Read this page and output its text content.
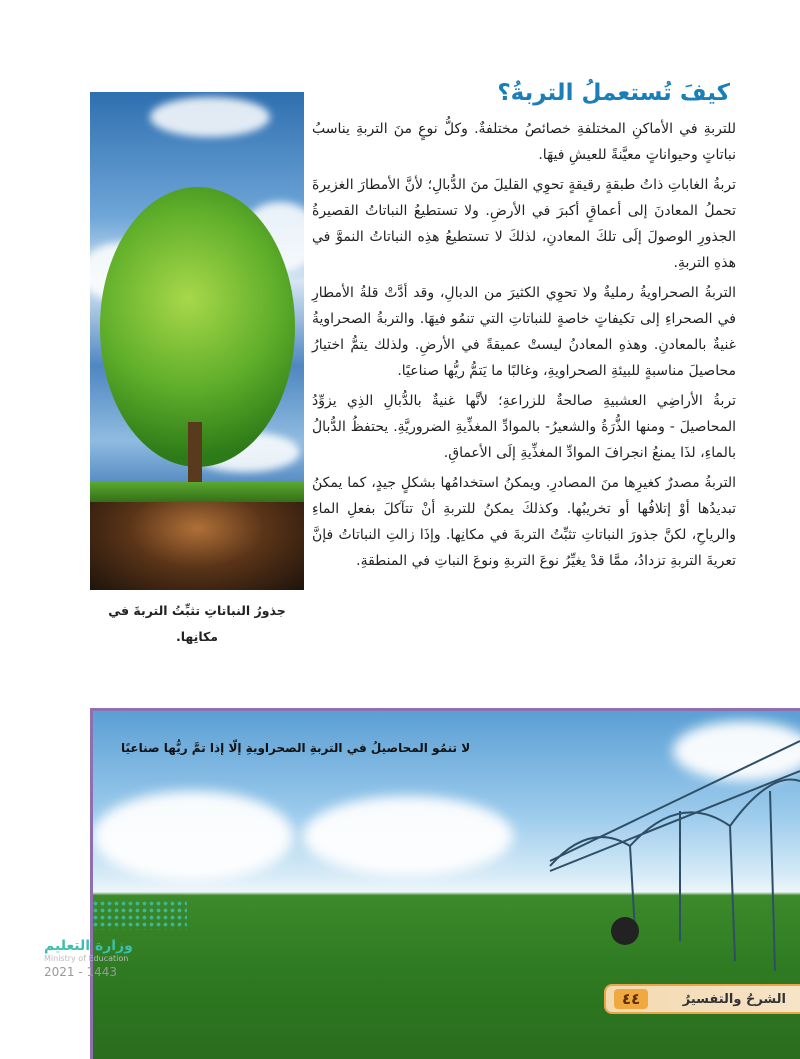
كيفَ تُستعملُ التربةُ؟

للتربةِ في الأماكنِ المختلفةِ خصائصُ مختلفةٌ. وكلُّ نوعٍ منَ التربةِ يناسبُ نباتاتٍ وحيواناتٍ معيَّنةً للعيشِ فيهَا.

تربةُ الغاباتِ ذاتُ طبقةٍ رقيقةٍ تحوِي القليلَ منَ الدُّبالِ؛ لأنَّ الأمطارَ الغزيرةَ تحملُ المعادنَ إلى أعماقٍ أكبرَ في الأرضِ. ولا تستطيعُ النباتاتُ القصيرةُ الجذورِ الوصولَ إلَى تلكَ المعادنِ، لذلكَ لا تستطيعُ هذِه النباتاتُ النموَّ في هذهِ التربةِ.

التربةُ الصحراويةُ رمليةٌ ولا تحوِي الكثيرَ من الدبالِ، وقد أدَّتْ قلةُ الأمطارِ في الصحراءِ إلى تكيفاتٍ خاصةٍ للنباتاتِ التي تنمُو فيهَا. والتربةُ الصحراويةُ غنيةٌ بالمعادنِ. وهذهِ المعادنُ ليستْ عميقةً في الأرضِ. ولذلك يتمُّ اختيارُ محاصيلَ مناسبةٍ للبيئةِ الصحراويةِ، وغالبًا ما يَتمُّ ريُّها صناعيًا.

تربةُ الأراضِي العشبيةِ صالحةٌ للزراعةِ؛ لأنَّها غنيةٌ بالدُّبالِ الذِي يزوِّدُ المحاصيلَ - ومنها الذُّرَةُ والشعيرُ- بالموادِّ المغذِّيةِ الضروريَّةِ. يحتفظُ الدُّبالُ بالماءِ، لذَا يمنعُ انجرافَ الموادِّ المغذِّيةِ إلَى الأعماقِ.

التربةُ مصدرٌ كغيرِها منَ المصادرِ. ويمكنُ استخدامُها بشكلٍ جيدٍ، كما يمكنُ تبديدُها أوْ إتلافُها أو تخريبُها. وكذلكَ يمكنُ للتربةِ أنْ تتآكلَ بفعلِ الماءِ والرياحِ، لكنَّ جذورَ النباتاتِ تثبِّتُ التربةَ في مكانِها. وإذَا زالتِ النباتاتُ فإنَّ تعريةَ التربةِ تزدادُ، ممَّا قدْ يغيِّرُ نوعَ التربةِ ونوعَ النباتِ في المنطقةِ.

جذورُ النباتاتِ تثبِّتُ التربةَ في مكانِها.
لا تنمُو المحاصيلُ في التربةِ الصحراويةِ إلّا إذا تمَّ ريُّها صناعيًا
وزارة التعليم
Ministry of Education
2021 - 1443
الشرحُ والتفسيرُ
٤٤
